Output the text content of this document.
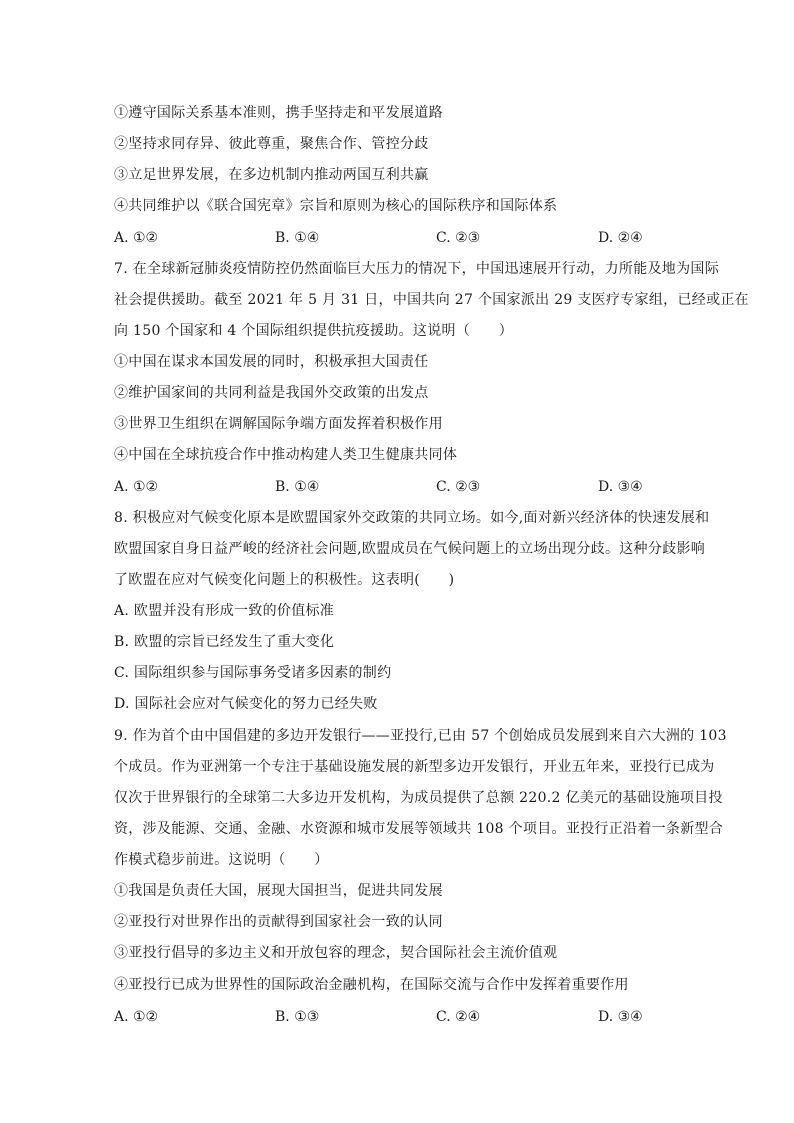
①遵守国际关系基本准则，携手坚持走和平发展道路
②坚持求同存异、彼此尊重，聚焦合作、管控分歧
③立足世界发展，在多边机制内推动两国互利共赢
④共同维护以《联合国宪章》宗旨和原则为核心的国际秩序和国际体系
A. ①②	B. ①④	C. ②③	D. ②④
7. 在全球新冠肺炎疫情防控仍然面临巨大压力的情况下，中国迅速展开行动，力所能及地为国际
社会提供援助。截至 2021 年 5 月 31 日，中国共向 27 个国家派出 29 支医疗专家组，已经或正在
向 150 个国家和 4 个国际组织提供抗疫援助。这说明（　　）
①中国在谋求本国发展的同时，积极承担大国责任
②维护国家间的共同利益是我国外交政策的出发点
③世界卫生组织在调解国际争端方面发挥着积极作用
④中国在全球抗疫合作中推动构建人类卫生健康共同体
A. ①②	B. ①④	C. ②③	D. ③④
8. 积极应对气候变化原本是欧盟国家外交政策的共同立场。如今,面对新兴经济体的快速发展和
欧盟国家自身日益严峻的经济社会问题,欧盟成员在气候问题上的立场出现分歧。这种分歧影响
了欧盟在应对气候变化问题上的积极性。这表明(　　)
A. 欧盟并没有形成一致的价值标准
B. 欧盟的宗旨已经发生了重大变化
C. 国际组织参与国际事务受诸多因素的制约
D. 国际社会应对气候变化的努力已经失败
9. 作为首个由中国倡建的多边开发银行——亚投行,已由 57 个创始成员发展到来自六大洲的 103
个成员。作为亚洲第一个专注于基础设施发展的新型多边开发银行，开业五年来，亚投行已成为
仅次于世界银行的全球第二大多边开发机构，为成员提供了总额 220.2 亿美元的基础设施项目投
资，涉及能源、交通、金融、水资源和城市发展等领域共 108 个项目。亚投行正沿着一条新型合
作模式稳步前进。这说明（　　）
①我国是负责任大国，展现大国担当，促进共同发展
②亚投行对世界作出的贡献得到国家社会一致的认同
③亚投行倡导的多边主义和开放包容的理念，契合国际社会主流价值观
④亚投行已成为世界性的国际政治金融机构，在国际交流与合作中发挥着重要作用
A. ①②	B. ①③	C. ②④	D. ③④
